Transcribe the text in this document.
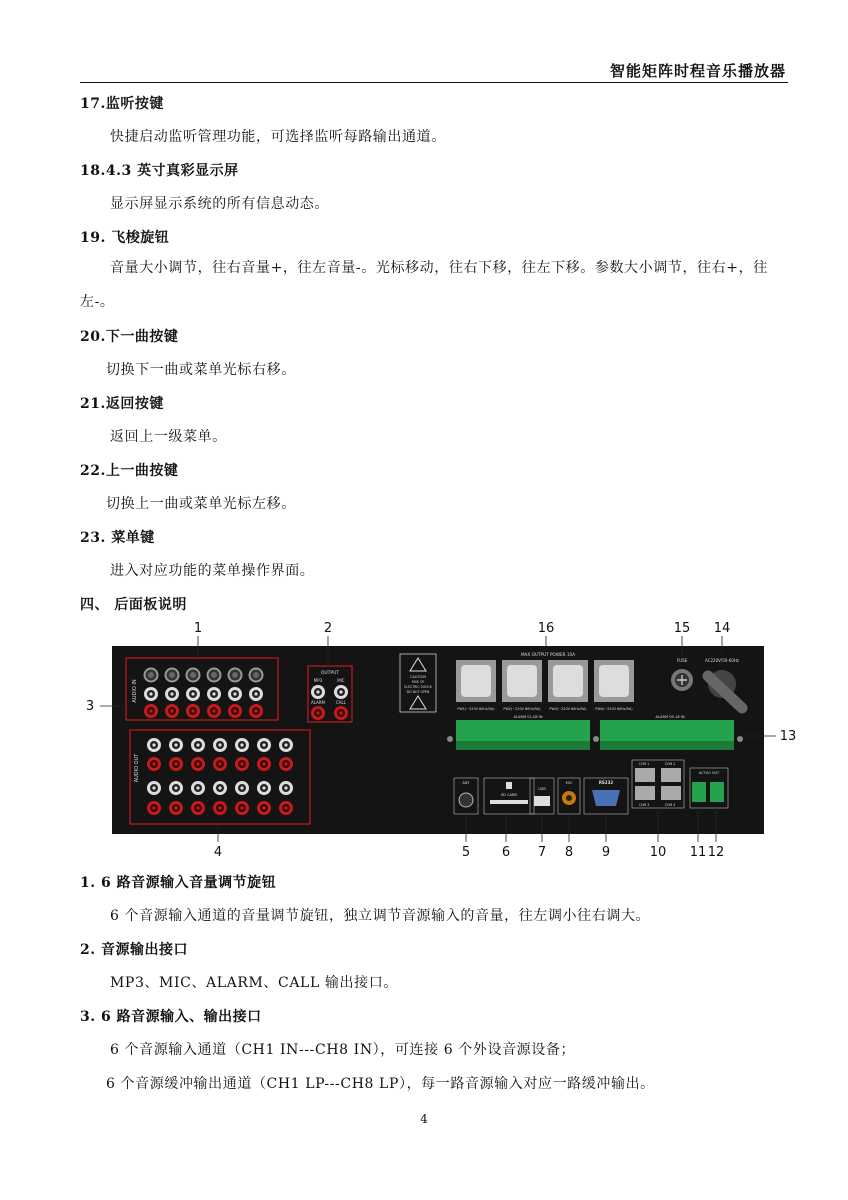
智能矩阵时程音乐播放器
17.监听按键
快捷启动监听管理功能，可选择监听每路输出通道。
18.4.3 英寸真彩显示屏
显示屏显示系统的所有信息动态。
19. 飞梭旋钮
音量大小调节，往右音量+，往左音量-。光标移动，往右下移，往左下移。参数大小调节，往右+，往左-。
20.下一曲按键
切换下一曲或菜单光标右移。
21.返回按键
返回上一级菜单。
22.上一曲按键
切换上一曲或菜单光标左移。
23. 菜单键
进入对应功能的菜单操作界面。
四、 后面板说明
AUDIO IN
OUTPUT
MP3	MIC
ALARM	CALL
AUDIO OUT
CAUTION
RISK OF
ELECTRIC SHOCK
DO NOT OPEN
MAX OUTPUT POWER 10A
PW1(~220V 60Hz/5A)	PW2(~220V 60Hz/5A)	PW3(~220V 60Hz/5A)	PW4(~220V 60Hz/5A)
FUSE	AC220V/50-60Hz
ALARM 01-08 IN	ALARM 09-16 IN
ANT
SD CARD
USB
MIC	RS232
COM 1	COM 2
COM 3	COM 4
ACTUO OUT
1	2
3
4	5 6 7 8 9	10 11 12
13
14
15
16
1. 6 路音源输入音量调节旋钮
6 个音源输入通道的音量调节旋钮，独立调节音源输入的音量，往左调小往右调大。
2. 音源输出接口
MP3、MIC、ALARM、CALL 输出接口。
3. 6 路音源输入、输出接口
6 个音源输入通道（CH1 IN---CH8 IN），可连接 6 个外设音源设备；
6 个音源缓冲输出通道（CH1 LP---CH8 LP），每一路音源输入对应一路缓冲输出。
4
